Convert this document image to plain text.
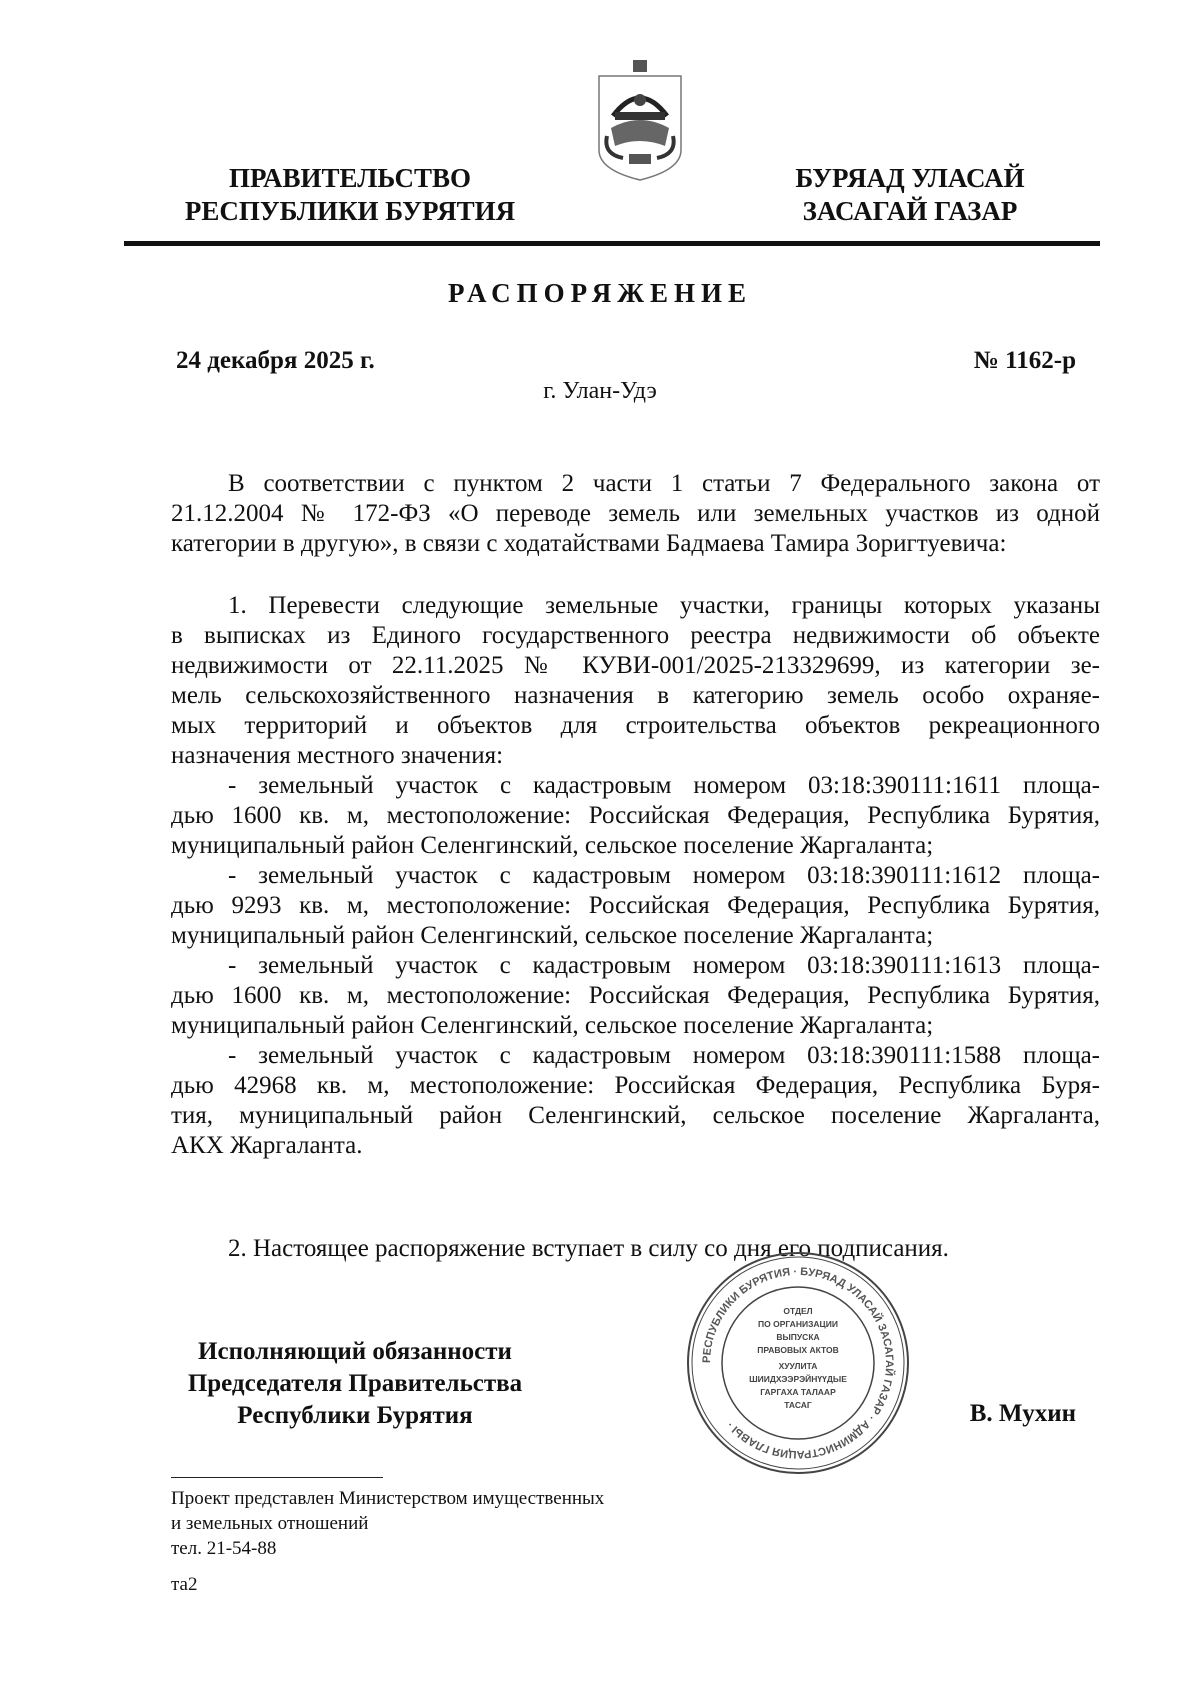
ПРАВИТЕЛЬСТВО
РЕСПУБЛИКИ БУРЯТИЯ
БУРЯАД УЛАСАЙ
ЗАСАГАЙ ГАЗАР
РАСПОРЯЖЕНИЕ
24 декабря 2025 г.	№ 1162-р
г. Улан-Удэ
В соответствии с пунктом 2 части 1 статьи 7 Федерального закона от
21.12.2004 № 172-ФЗ «О переводе земель или земельных участков из одной
категории в другую», в связи с ходатайствами Бадмаева Тамира Зоригтуевича:
1. Перевести следующие земельные участки, границы которых указаны
в выписках из Единого государственного реестра недвижимости об объекте
недвижимости от 22.11.2025 № КУВИ-001/2025-213329699, из категории зе-
мель сельскохозяйственного назначения в категорию земель особо охраняе-
мых территорий и объектов для строительства объектов рекреационного
назначения местного значения:
- земельный участок с кадастровым номером 03:18:390111:1611 площа-
дью 1600 кв. м, местоположение: Российская Федерация, Республика Бурятия,
муниципальный район Селенгинский, сельское поселение Жаргаланта;
- земельный участок с кадастровым номером 03:18:390111:1612 площа-
дью 9293 кв. м, местоположение: Российская Федерация, Республика Бурятия,
муниципальный район Селенгинский, сельское поселение Жаргаланта;
- земельный участок с кадастровым номером 03:18:390111:1613 площа-
дью 1600 кв. м, местоположение: Российская Федерация, Республика Бурятия,
муниципальный район Селенгинский, сельское поселение Жаргаланта;
- земельный участок с кадастровым номером 03:18:390111:1588 площа-
дью 42968 кв. м, местоположение: Российская Федерация, Республика Буря-
тия, муниципальный район Селенгинский, сельское поселение Жаргаланта,
АКХ Жаргаланта.
2. Настоящее распоряжение вступает в силу со дня его подписания.
Исполняющий обязанности
Председателя Правительства
Республики Бурятия
РЕСПУБЛИКИ БУРЯТИЯ · БУРЯАД УЛАСАЙ ЗАСАГАЙ ГАЗАР · АДМИНИСТРАЦИЯ ГЛАВЫ ·
ОТДЕЛ
ПО ОРГАНИЗАЦИИ
ВЫПУСКА
ПРАВОВЫХ АКТОВ
ХУУЛИТА
ШИИДХЭЭРЭЙНҮҮДЫЕ
ГАРГАХА ТАЛААР
ТАСАГ	В. Мухин
Проект представлен Министерством имущественных
и земельных отношений
тел. 21-54-88
та2
